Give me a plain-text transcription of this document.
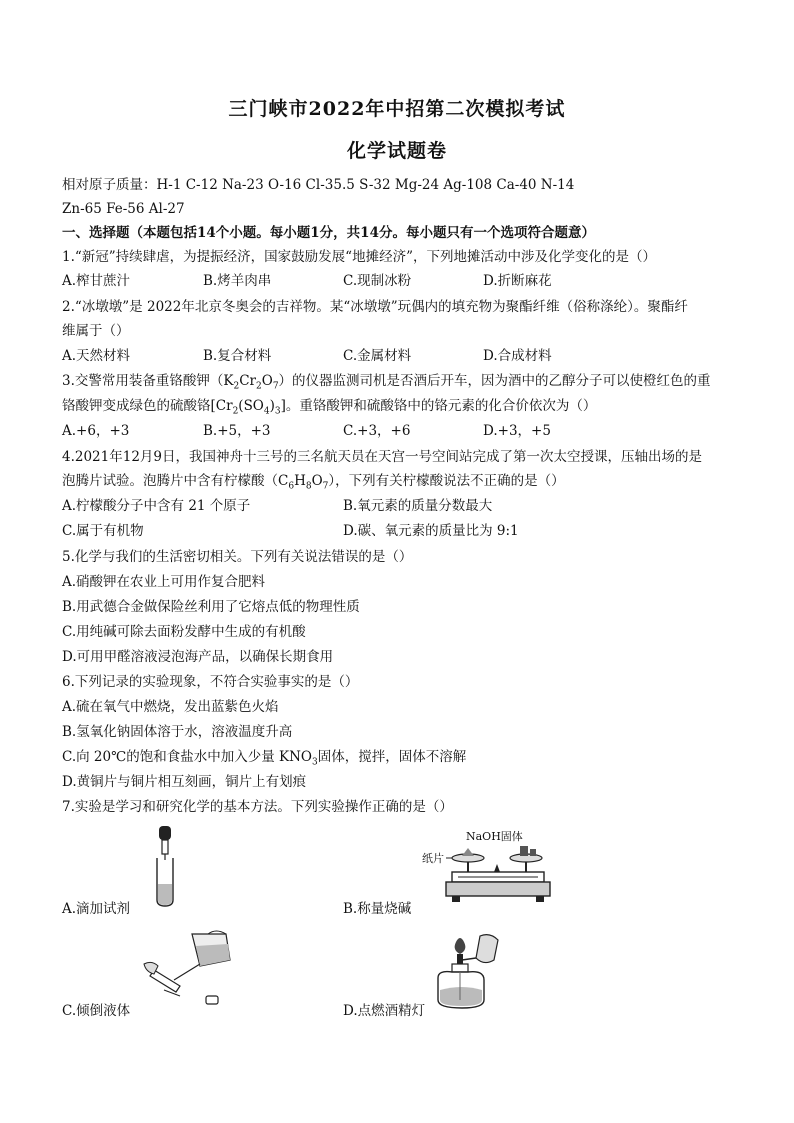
三门峡市2022年中招第二次模拟考试
化学试题卷
相对原子质量：H-1 C-12 Na-23 O-16 Cl-35.5 S-32 Mg-24 Ag-108 Ca-40 N-14
Zn-65 Fe-56 Al-27
一、选择题（本题包括14个小题。每小题1分，共14分。每小题只有一个选项符合题意）
1.“新冠”持续肆虐，为提振经济，国家鼓励发展“地摊经济”，下列地摊活动中涉及化学变化的是（）
A.榨甘蔗汁	B.烤羊肉串	C.现制冰粉	D.折断麻花
2.“冰墩墩”是 2022年北京冬奥会的吉祥物。某“冰墩墩”玩偶内的填充物为聚酯纤维（俗称涤纶）。聚酯纤
维属于（）
A.天然材料	B.复合材料	C.金属材料	D.合成材料
3.交警常用装备重铬酸钾$(K_2Cr_2O_7)$的仪器监测司机是否酒后开车，因为酒中的乙醇分子可以使橙红色的重
铬酸钾变成绿色的硫酸铬$[Cr_2(SO_4)_3]$。重铬酸钾和硫酸铬中的铬元素的化合价依次为（）
A.+6，+3	B.+5，+3	C.+3，+6	D.+3，+5
4.2021年12月9日，我国神舟十三号的三名航天员在天宫一号空间站完成了第一次太空授课，压轴出场的是
泡腾片试验。泡腾片中含有柠檬酸$(C_6H_8O_7)$，下列有关柠檬酸说法不正确的是（）
A.柠檬酸分子中含有 21 个原子	B.氧元素的质量分数最大
C.属于有机物	D.碳、氧元素的质量比为 9:1
5.化学与我们的生活密切相关。下列有关说法错误的是（）
A.硝酸钾在农业上可用作复合肥料
B.用武德合金做保险丝利用了它熔点低的物理性质
C.用纯碱可除去面粉发酵中生成的有机酸
D.可用甲醛溶液浸泡海产品，以确保长期食用
6.下列记录的实验现象，不符合实验事实的是（）
A.硫在氧气中燃烧，发出蓝紫色火焰
B.氢氧化钠固体溶于水，溶液温度升高
C.向 20℃的饱和食盐水中加入少量 $KNO_3$固体，搅拌，固体不溶解
D.黄铜片与铜片相互刻画，铜片上有划痕
7.实验是学习和研究化学的基本方法。下列实验操作正确的是（）
A.滴加试剂
NaOH固体
纸片
B.称量烧碱
C.倾倒液体	D.点燃酒精灯
